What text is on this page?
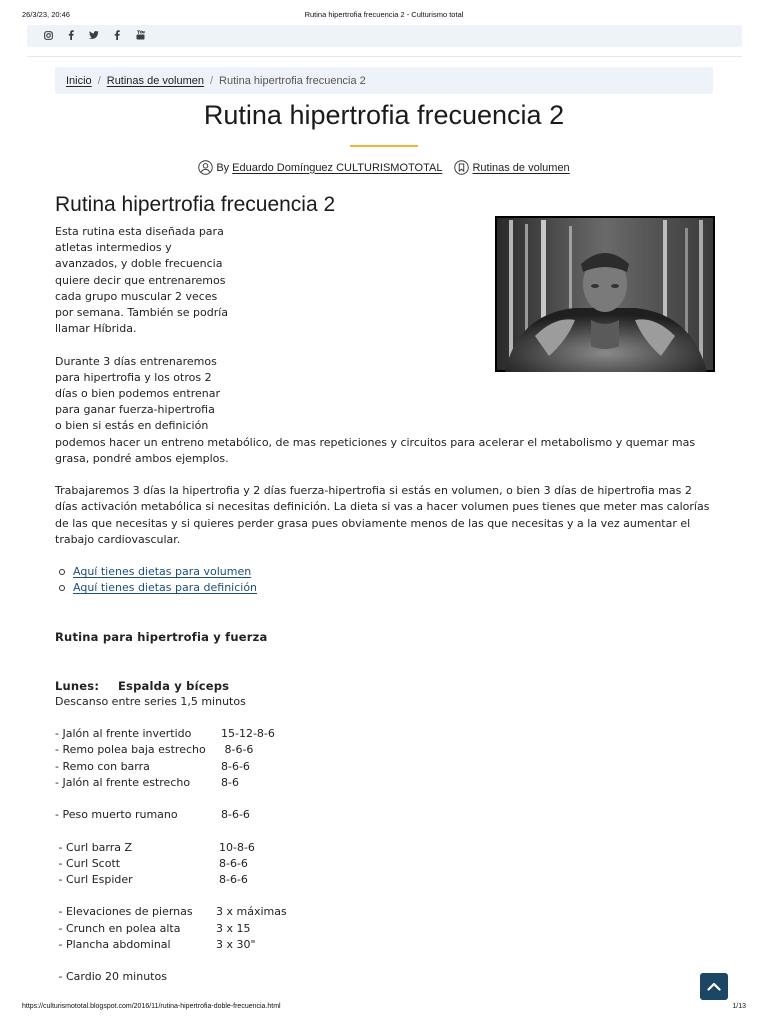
26/3/23, 20:46	Rutina hipertrofia frecuencia 2 - Culturismo total
Inicio / Rutinas de volumen / Rutina hipertrofia frecuencia 2
Rutina hipertrofia frecuencia 2
By Eduardo Domínguez CULTURISMOTOTAL	Rutinas de volumen
Rutina hipertrofia frecuencia 2

Esta rutina esta diseñada para
atletas intermedios y
avanzados, y doble frecuencia
quiere decir que entrenaremos
cada grupo muscular 2 veces
por semana. También se podría
llamar Híbrida.

Durante 3 días entrenaremos
para hipertrofia y los otros 2
días o bien podemos entrenar
para ganar fuerza-hipertrofia
o bien si estás en definición
podemos hacer un entreno metabólico, de mas repeticiones y circuitos para acelerar el metabolismo y quemar mas
grasa, pondré ambos ejemplos.

Trabajaremos 3 días la hipertrofia y 2 días fuerza-hipertrofia si estás en volumen, o bien 3 días de hipertrofia mas 2
días activación metabólica si necesitas definición. La dieta si vas a hacer volumen pues tienes que meter mas calorías
de las que necesitas y si quieres perder grasa pues obviamente menos de las que necesitas y a la vez aumentar el
trabajo cardiovascular.

Aquí tienes dietas para volumen
Aquí tienes dietas para definición

Rutina para hipertrofia y fuerza

Lunes:	Espalda y bíceps

Descanso entre series 1,5 minutos

- Jalón al frente invertido	15-12-8-6
- Remo polea baja estrecho	8-6-6
- Remo con barra	8-6-6
- Jalón al frente estrecho	8-6
- Peso muerto rumano	8-6-6
- Curl barra Z	10-8-6
- Curl Scott	8-6-6
- Curl Espider	8-6-6
- Elevaciones de piernas	3 x máximas
- Crunch en polea alta	3 x 15
- Plancha abdominal	3 x 30"

- Cardio 20 minutos

https://culturismototal.blogspot.com/2016/11/rutina-hipertrofia-doble-frecuencia.html	1/13
